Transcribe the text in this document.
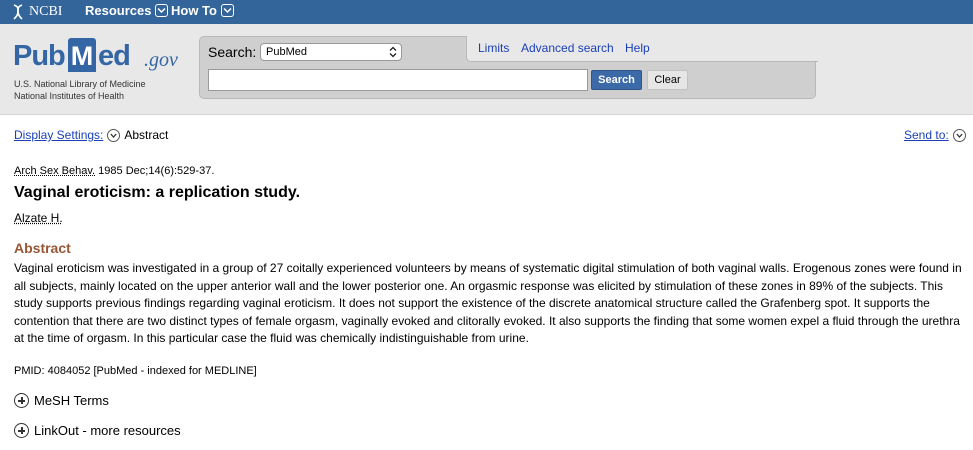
NCBI Resources How To
Pub M ed .gov
U.S. National Library of Medicine
National Institutes of Health
Search: PubMed
Search	Clear
Limits Advanced search Help
Display Settings: Abstract	Send to:
Arch Sex Behav. 1985 Dec;14(6):529-37.
Vaginal eroticism: a replication study.
Alzate H.
Abstract
Vaginal eroticism was investigated in a group of 27 coitally experienced volunteers by means of systematic digital stimulation of both vaginal walls. Erogenous zones were found in
all subjects, mainly located on the upper anterior wall and the lower posterior one. An orgasmic response was elicited by stimulation of these zones in 89% of the subjects. This
study supports previous findings regarding vaginal eroticism. It does not support the existence of the discrete anatomical structure called the Grafenberg spot. It supports the
contention that there are two distinct types of female orgasm, vaginally evoked and clitorally evoked. It also supports the finding that some women expel a fluid through the urethra
at the time of orgasm. In this particular case the fluid was chemically indistinguishable from urine.
PMID: 4084052 [PubMed - indexed for MEDLINE]
MeSH Terms
LinkOut - more resources
